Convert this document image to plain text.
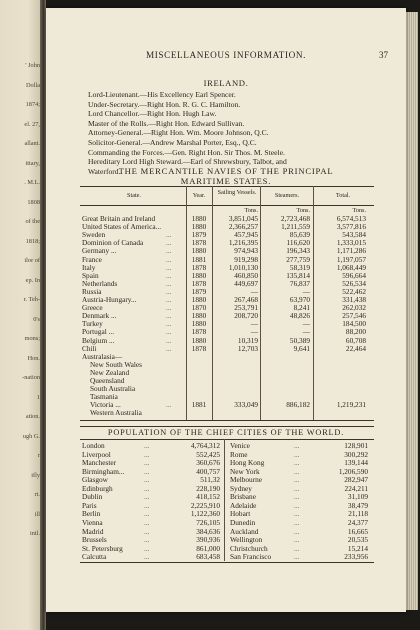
' John
Dolla
1874;
el. 27,
allant.
ittary,
. M.L.
1808
of the
1818;
ilor of
ep. In
r. Teh-
0's
mons;
Hon.
-nation
1
ation.
ugh G.
r
ifly
rt.
ill
intl.
MISCELLANEOUS INFORMATION.	37
IRELAND.
Lord-Lieutenant.—His Excellency Earl Spencer.
Under-Secretary.—Right Hon. R. G. C. Hamilton.
Lord Chancellor.—Right Hon. Hugh Law.
Master of the Rolls.—Right Hon. Edward Sullivan.
Attorney-General.—Right Hon. Wm. Moore Johnson, Q.C.
Solicitor-General.—Andrew Marshal Porter, Esq., Q.C.
Commanding the Forces.—Gen. Right Hon. Sir Thos. M. Steele.
Hereditary Lord High Steward.—Earl of Shrewsbury, Talbot, and
Waterford.
THE MERCANTILE NAVIES OF THE PRINCIPAL
MARITIME STATES.
State.	Year.	Sailing Vessels.	Steamers.	Total.
Tons.	Tons.	Tons.
Great Britain and Ireland	1880	3,851,045	2,723,468	6,574,513
United States of America...	1880	2,366,257	1,211,559	3,577,816
Sweden	...	1879	457,945	85,639	543,584
Dominion of Canada	...	1878	1,216,395	116,620	1,333,015
Germany ...	...	1880	974,943	196,343	1,171,286
France	...	1881	919,298	277,759	1,197,057
Italy	...	1878	1,010,130	58,319	1,068,449
Spain	...	1880	460,850	135,814	596,664
Netherlands	...	1878	449,697	76,837	526,534
Russia	...	1879	—	—	522,462
Austria-Hungary...	...	1880	267,468	63,970	331,438
Greece	...	1870	253,791	8,241	262,032
Denmark ...	...	1880	208,720	48,826	257,546
Turkey	...	1880	—	—	184,500
Portugal ...	...	1878	—	—	88,200
Belgium ...	...	1880	10,319	50,389	60,708
Chili	...	1878	12,703	9,641	22,464
Australasia—
New South Wales
New Zealand
Queensland
South Australia
Tasmania
Victoria ...	...	1881	333,049	886,182	1,219,231
Western Australia
POPULATION OF THE CHIEF CITIES OF THE WORLD.
London	...	4,764,312
Liverpool	...	552,425
Manchester	...	360,676
Birmingham...	...	400,757
Glasgow	...	511,32
Edinburgh	...	228,190
Dublin	...	418,152
Paris	...	2,225,910
Berlin	...	1,122,360
Vienna	...	726,105
Madrid	...	384,636
Brussels	...	390,936
St. Petersburg	...	861,000
Calcutta	...	683,458
Venice	...	128,901
Rome	...	300,292
Hong Kong	...	139,144
New York	...	1,206,590
Melbourne	...	282,947
Sydney	...	224,211
Brisbane	...	31,109
Adelaide	...	38,479
Hobart	...	21,118
Dunedin	...	24,377
Auckland	...	16,665
Wellington	...	20,535
Christchurch	...	15,214
San Francisco	...	233,956
